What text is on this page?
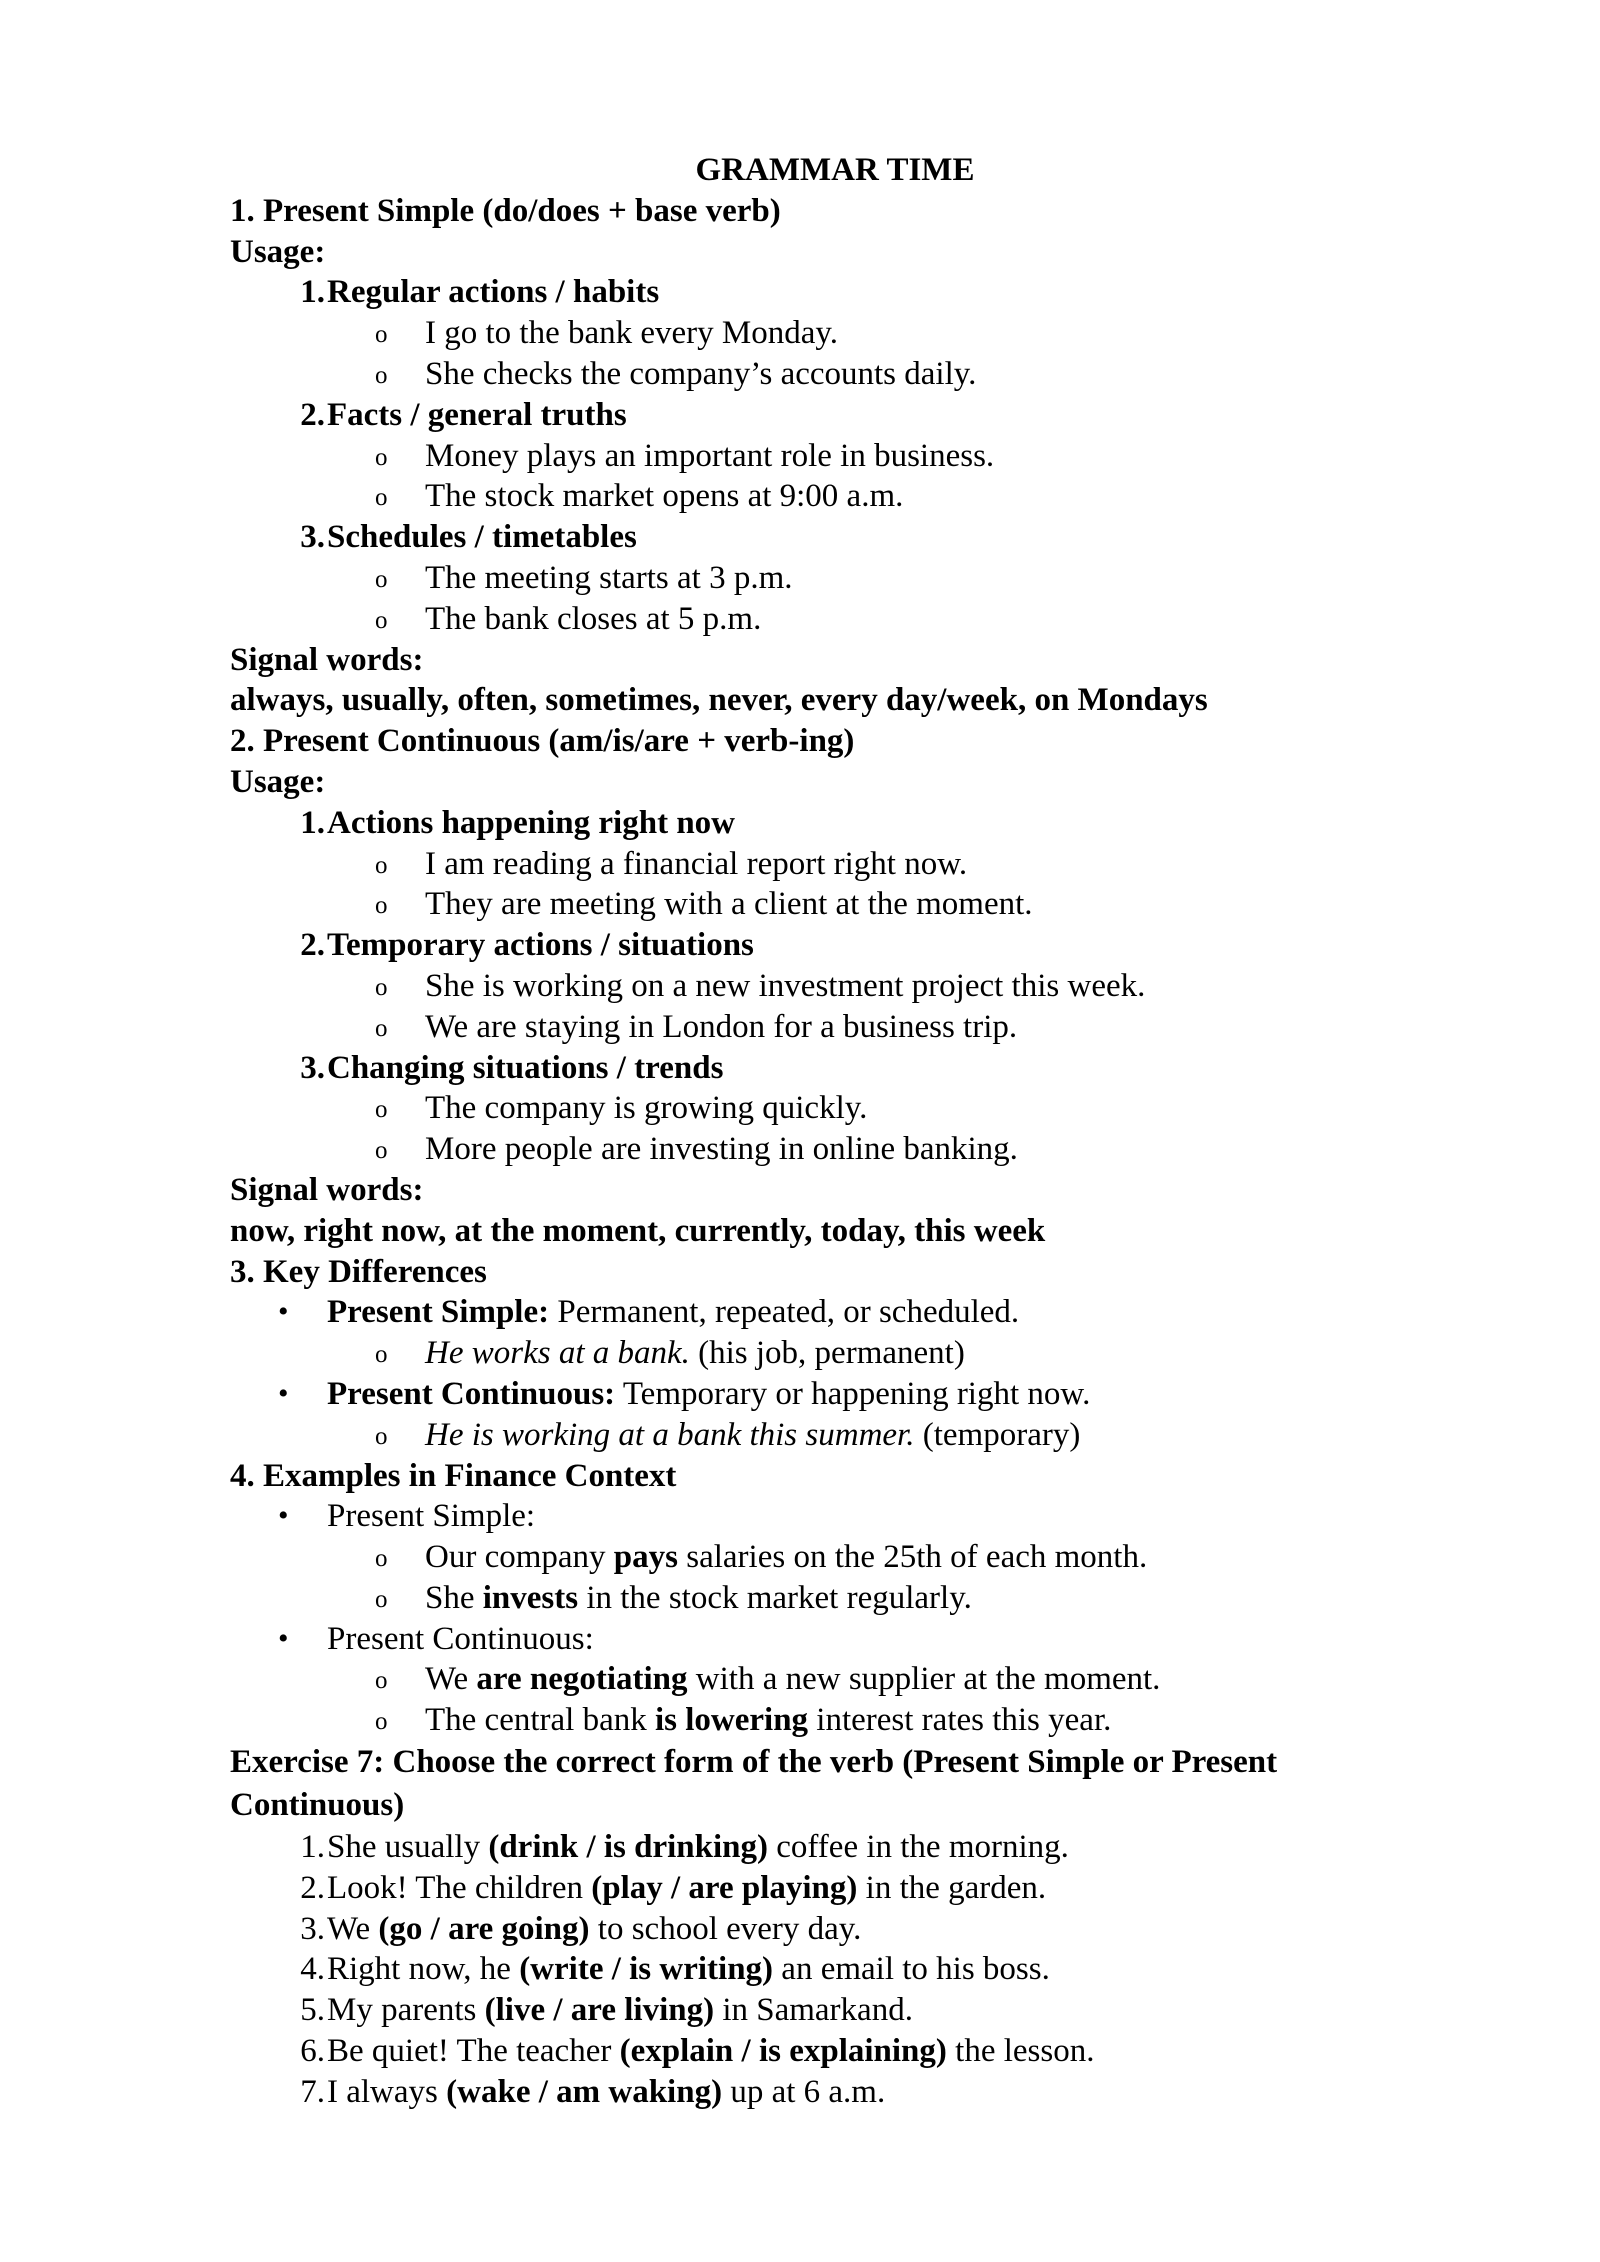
GRAMMAR TIME
1. Present Simple (do/does + base verb)
Usage:
1. Regular actions / habits
o I go to the bank every Monday.
o She checks the company’s accounts daily.
2. Facts / general truths
o Money plays an important role in business.
o The stock market opens at 9:00 a.m.
3. Schedules / timetables
o The meeting starts at 3 p.m.
o The bank closes at 5 p.m.
Signal words:
always, usually, often, sometimes, never, every day/week, on Mondays
2. Present Continuous (am/is/are + verb-ing)
Usage:
1. Actions happening right now
o I am reading a financial report right now.
o They are meeting with a client at the moment.
2. Temporary actions / situations
o She is working on a new investment project this week.
o We are staying in London for a business trip.
3. Changing situations / trends
o The company is growing quickly.
o More people are investing in online banking.
Signal words:
now, right now, at the moment, currently, today, this week
3. Key Differences
• Present Simple: Permanent, repeated, or scheduled.
o He works at a bank. (his job, permanent)
• Present Continuous: Temporary or happening right now.
o He is working at a bank this summer. (temporary)
4. Examples in Finance Context
• Present Simple:
o Our company pays salaries on the 25th of each month.
o She invests in the stock market regularly.
• Present Continuous:
o We are negotiating with a new supplier at the moment.
o The central bank is lowering interest rates this year.
Exercise 7: Choose the correct form of the verb (Present Simple or Present Continuous)
1. She usually (drink / is drinking) coffee in the morning.
2. Look! The children (play / are playing) in the garden.
3. We (go / are going) to school every day.
4. Right now, he (write / is writing) an email to his boss.
5. My parents (live / are living) in Samarkand.
6. Be quiet! The teacher (explain / is explaining) the lesson.
7. I always (wake / am waking) up at 6 a.m.
